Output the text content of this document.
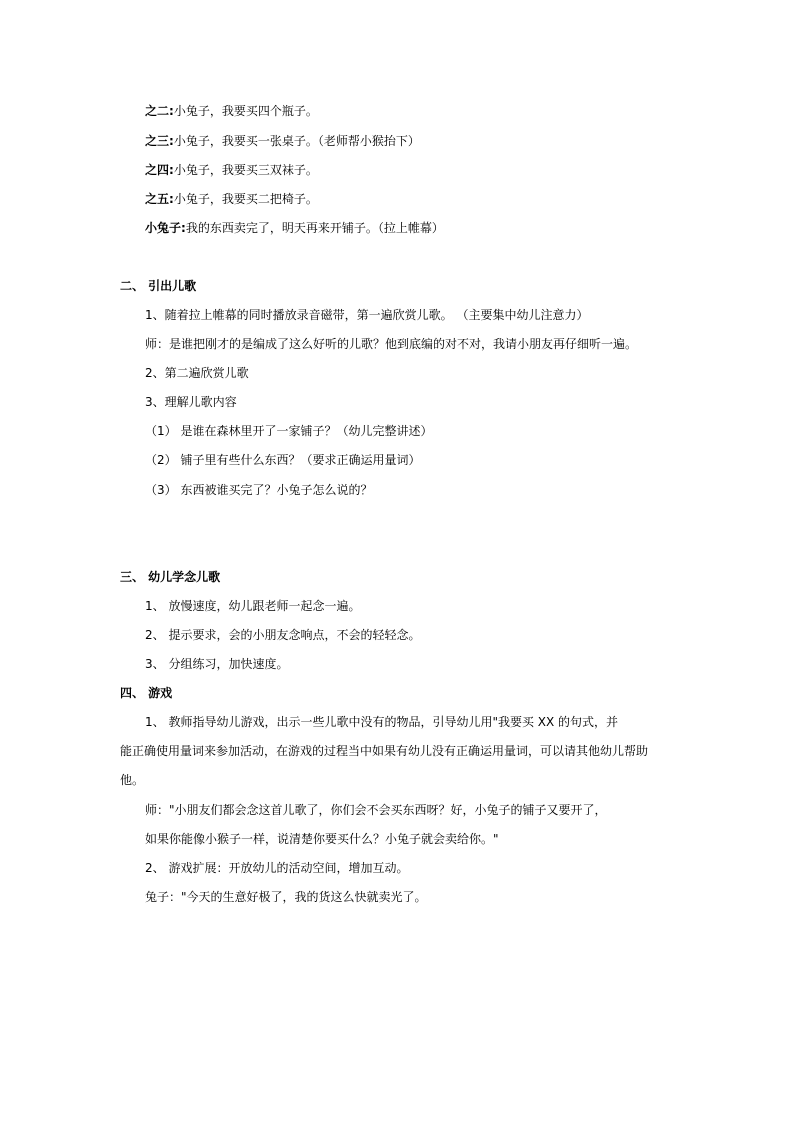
之二:小兔子，我要买四个瓶子。
之三:小兔子，我要买一张桌子。（老师帮小猴抬下）
之四:小兔子，我要买三双袜子。
之五:小兔子，我要买二把椅子。
小兔子:我的东西卖完了，明天再来开铺子。（拉上帷幕）
二、 引出儿歌
1、随着拉上帷幕的同时播放录音磁带，第一遍欣赏儿歌。 （主要集中幼儿注意力）
师：是谁把刚才的是编成了这么好听的儿歌？他到底编的对不对，我请小朋友再仔细听一遍。
2、第二遍欣赏儿歌
3、理解儿歌内容
（1） 是谁在森林里开了一家铺子？（幼儿完整讲述）
（2） 铺子里有些什么东西？（要求正确运用量词）
（3） 东西被谁买完了？小兔子怎么说的？
三、 幼儿学念儿歌
1、 放慢速度，幼儿跟老师一起念一遍。
2、 提示要求，会的小朋友念响点，不会的轻轻念。
3、 分组练习，加快速度。
四、 游戏
1、 教师指导幼儿游戏，出示一些儿歌中没有的物品，引导幼儿用"我要买 XX 的句式，并
能正确使用量词来参加活动，在游戏的过程当中如果有幼儿没有正确运用量词，可以请其他幼儿帮助
他。
师："小朋友们都会念这首儿歌了，你们会不会买东西呀？好，小兔子的铺子又要开了，
如果你能像小猴子一样，说清楚你要买什么？小兔子就会卖给你。"
2、 游戏扩展：开放幼儿的活动空间，增加互动。
兔子："今天的生意好极了，我的货这么快就卖光了。
